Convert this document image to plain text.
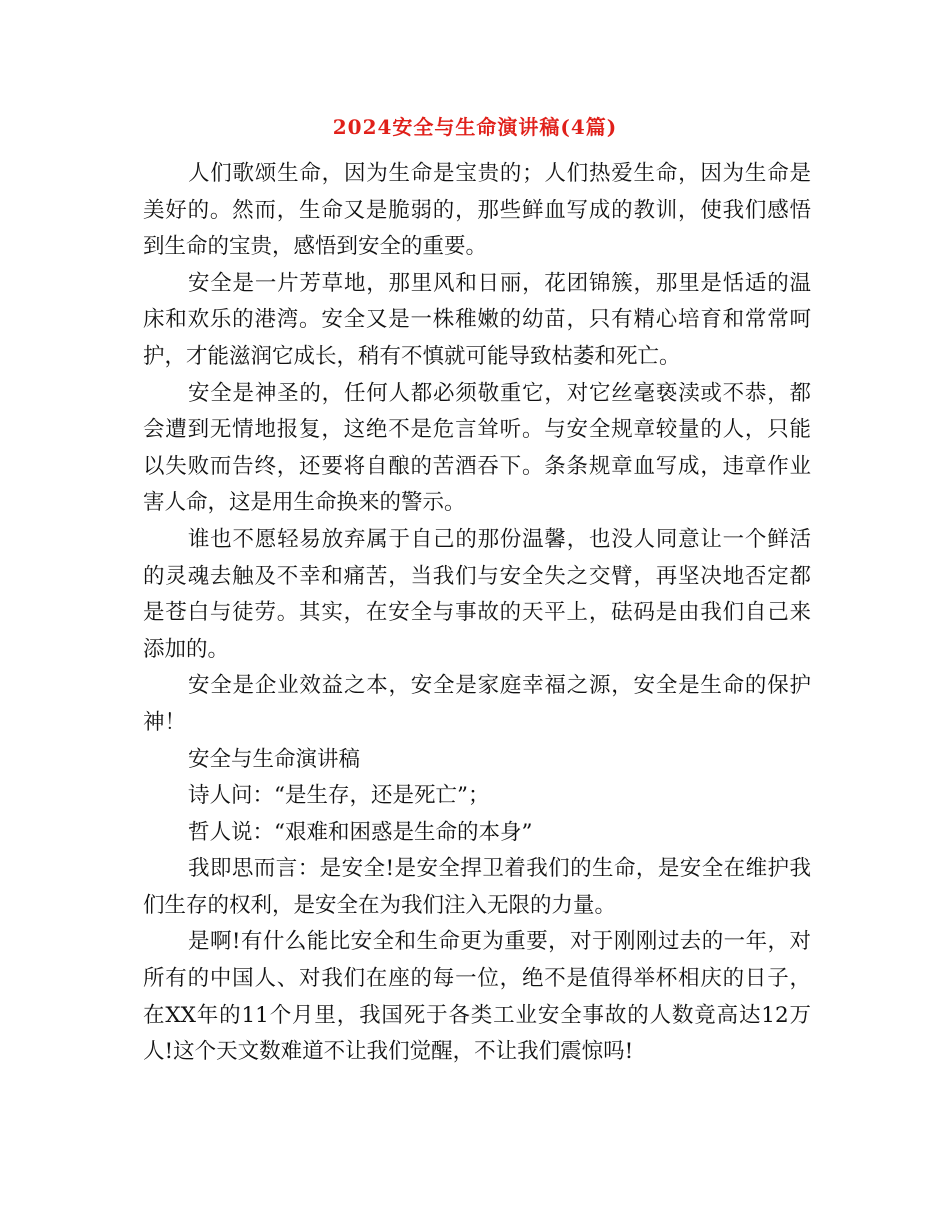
2024安全与生命演讲稿(4篇)
人们歌颂生命，因为生命是宝贵的；人们热爱生命，因为生命是
美好的。然而，生命又是脆弱的，那些鲜血写成的教训，使我们感悟
到生命的宝贵，感悟到安全的重要。
安全是一片芳草地，那里风和日丽，花团锦簇，那里是恬适的温
床和欢乐的港湾。安全又是一株稚嫩的幼苗，只有精心培育和常常呵
护，才能滋润它成长，稍有不慎就可能导致枯萎和死亡。
安全是神圣的，任何人都必须敬重它，对它丝毫亵渎或不恭，都
会遭到无情地报复，这绝不是危言耸听。与安全规章较量的人，只能
以失败而告终，还要将自酿的苦酒吞下。条条规章血写成，违章作业
害人命，这是用生命换来的警示。
谁也不愿轻易放弃属于自己的那份温馨，也没人同意让一个鲜活
的灵魂去触及不幸和痛苦，当我们与安全失之交臂，再坚决地否定都
是苍白与徒劳。其实，在安全与事故的天平上，砝码是由我们自己来
添加的。
安全是企业效益之本，安全是家庭幸福之源，安全是生命的保护
神！
安全与生命演讲稿
诗人问：“是生存，还是死亡”；
哲人说：“艰难和困惑是生命的本身”
我即思而言：是安全!是安全捍卫着我们的生命，是安全在维护我
们生存的权利，是安全在为我们注入无限的力量。
是啊!有什么能比安全和生命更为重要，对于刚刚过去的一年，对
所有的中国人、对我们在座的每一位，绝不是值得举杯相庆的日子，
在XX年的11个月里，我国死于各类工业安全事故的人数竟高达12万
人!这个天文数难道不让我们觉醒，不让我们震惊吗!
